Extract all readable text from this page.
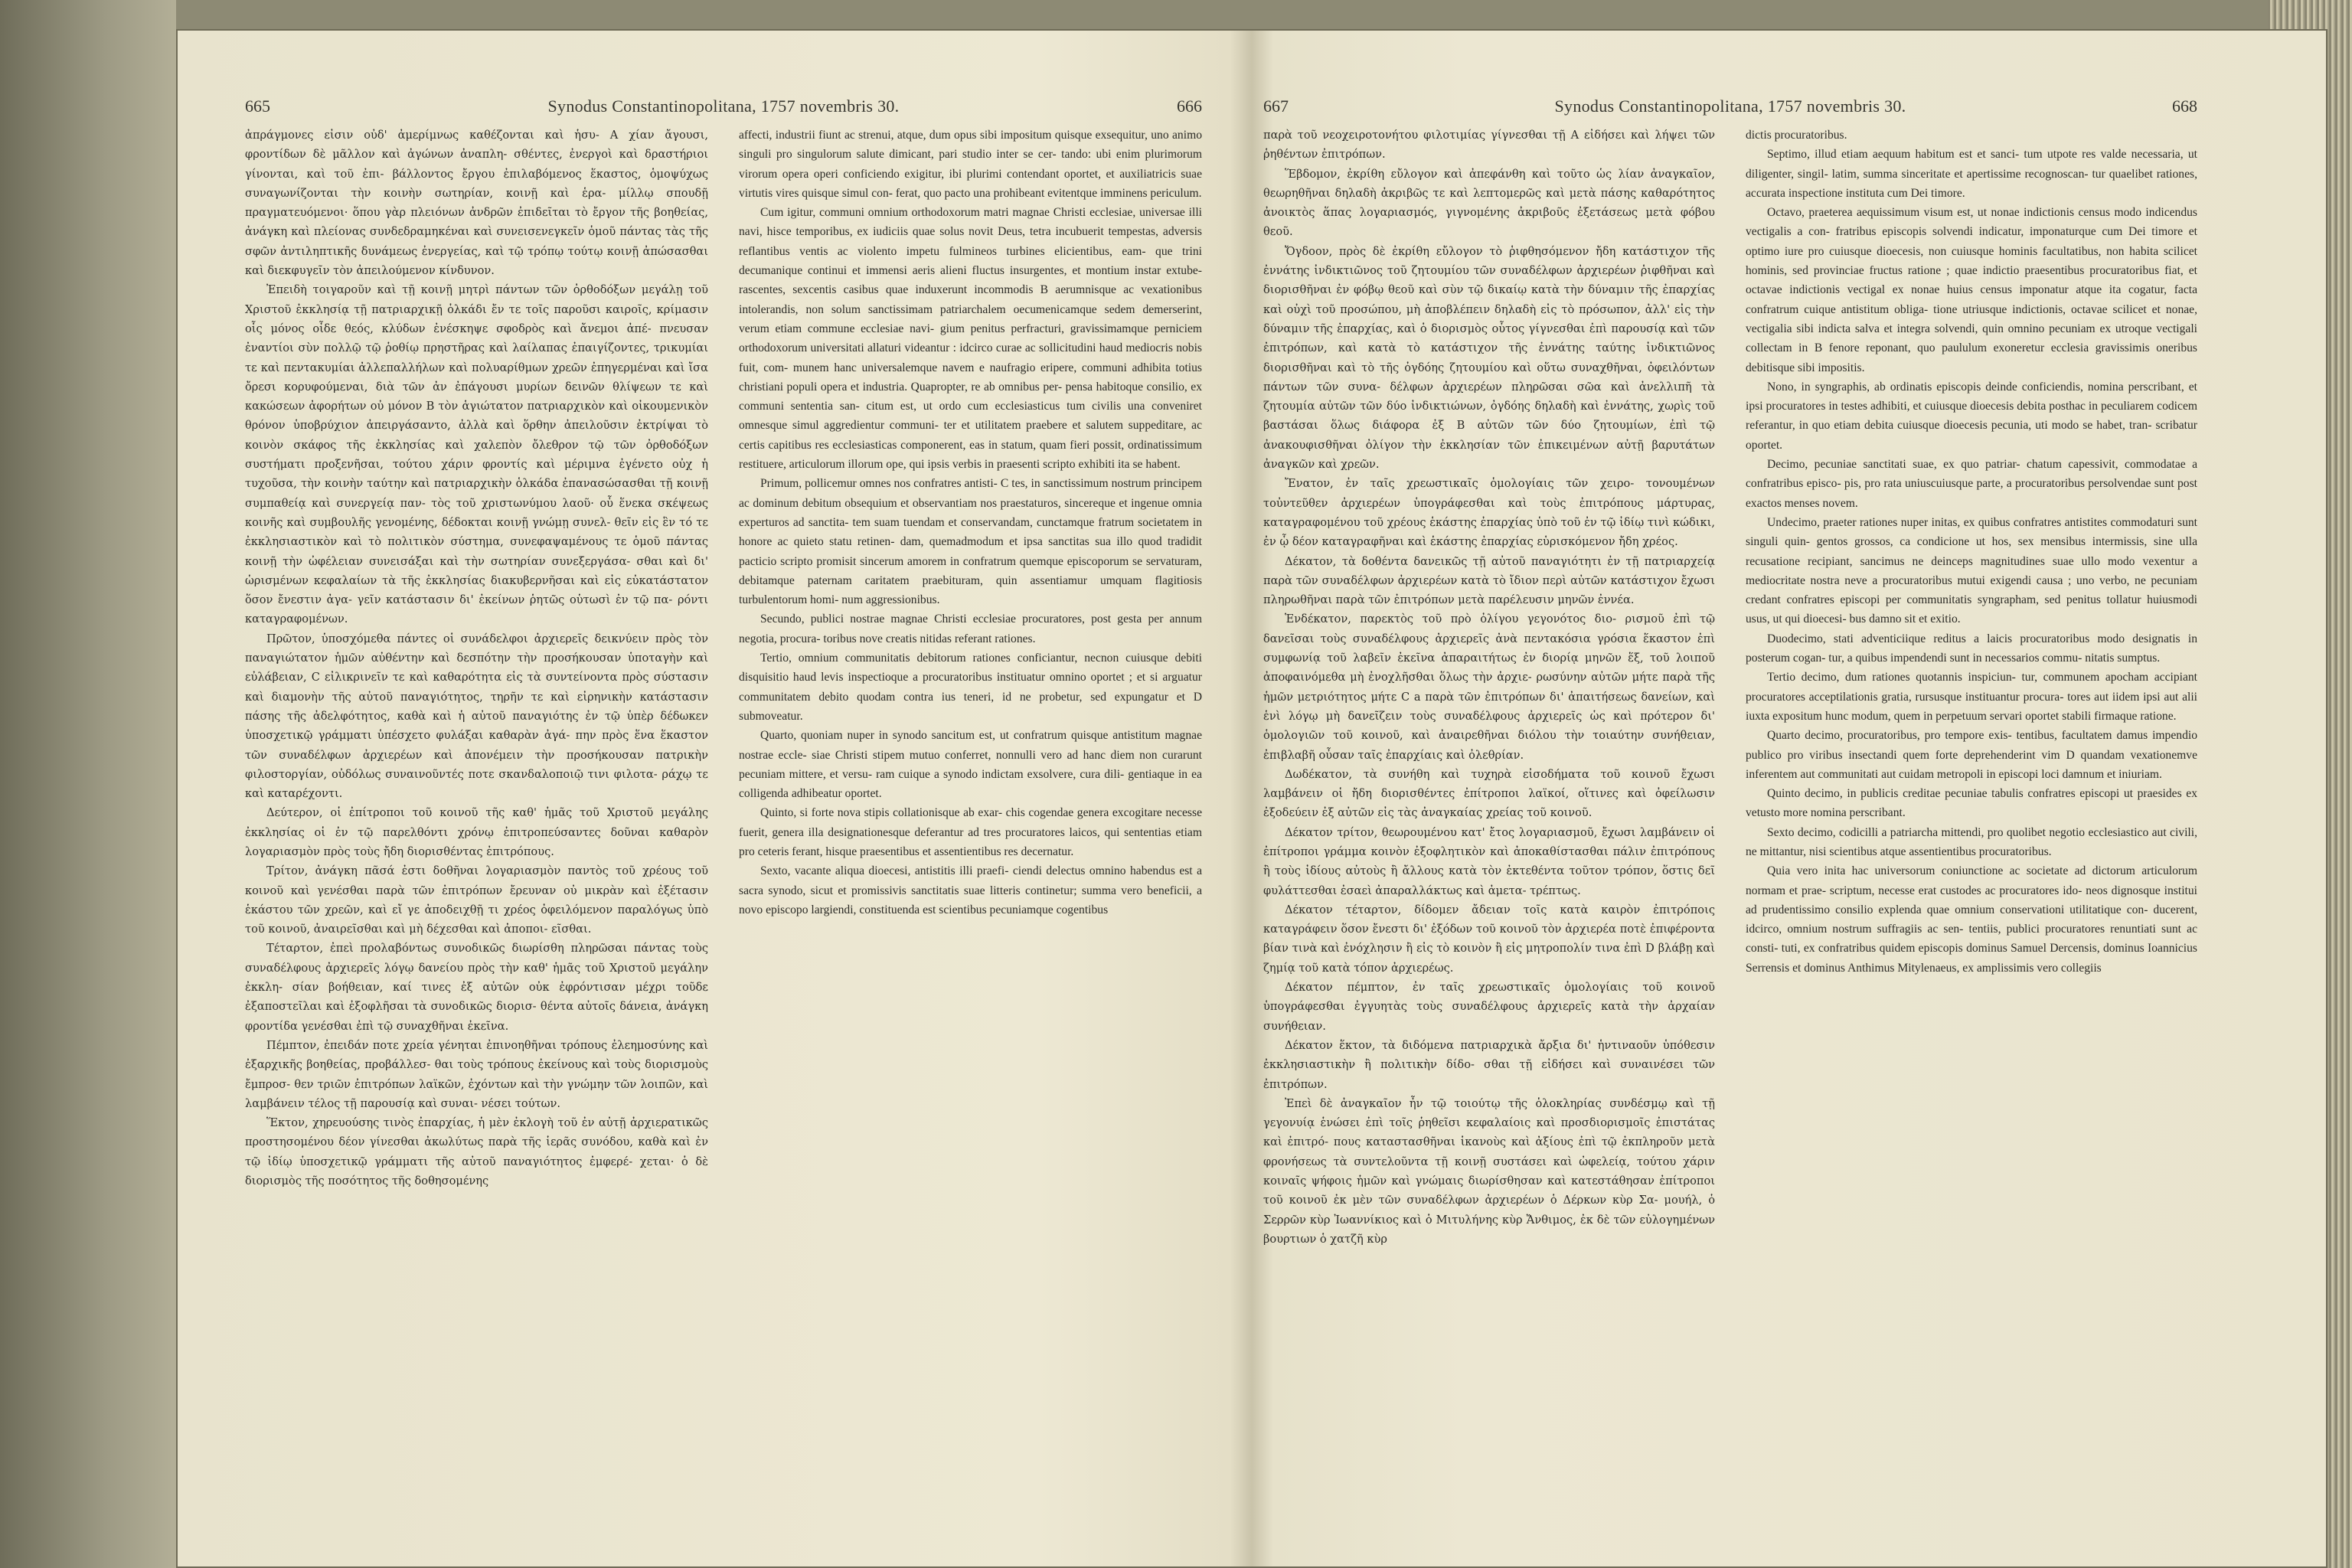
665	Synodus Constantinopolitana, 1757 novembris 30.	666

ἀπράγμονες εἰσιν οὐδ' ἀμερίμνως καθέζονται καὶ ἡσυ- A χίαν ἄγουσι, φροντίδων δὲ μᾶλλον καὶ ἀγώνων ἀναπλη- σθέντες, ἐνεργοὶ καὶ δραστήριοι γίνονται, καὶ τοῦ ἐπι- βάλλοντος ἔργου ἐπιλαβόμενος ἕκαστος, ὁμοψύχως συναγωνίζονται τὴν κοινὴν σωτηρίαν, κοινῇ καὶ ἑρα- μίλλῳ σπουδῇ πραγματευόμενοι· ὅπου γὰρ πλειόνων ἀνδρῶν ἐπιδεῖται τὸ ἔργον τῆς βοηθείας, ἀνάγκη καὶ πλείονας συνδεδραμηκέναι καὶ συνεισενεγκεῖν ὁμοῦ πάντας τὰς τῆς σφῶν ἀντιληπτικῆς δυνάμεως ἐνεργείας, καὶ τῷ τρόπῳ τούτῳ κοινῇ ἀπώσασθαι καὶ διεκφυγεῖν τὸν ἀπειλούμενον κίνδυνον.

Ἐπειδὴ τοιγαροῦν καὶ τῇ κοινῇ μητρὶ πάντων τῶν ὀρθοδόξων μεγάλῃ τοῦ Χριστοῦ ἐκκλησίᾳ τῇ πατριαρχικῇ ὁλκάδι ἔν τε τοῖς παροῦσι καιροῖς, κρίμασιν οἷς μόνος οἶδε θεός, κλύδων ἐνέσκηψε σφοδρὸς καὶ ἄνεμοι ἀπέ- πνευσαν ἐναντίοι σὺν πολλῷ τῷ ῥοθίῳ πρηστῆρας καὶ λαίλαπας ἐπαιγίζοντες, τρικυμίαι τε καὶ πεντακυμίαι ἀλλεπαλλήλων καὶ πολυαρίθμων χρεῶν ἐπηγερμέναι καὶ ἴσα ὄρεσι κορυφούμεναι, διὰ τῶν ἀν ἐπάγουσι μυρίων δεινῶν θλίψεων τε καὶ κακώσεων ἀφορήτων οὐ μόνον B τὸν ἁγιώτατον πατριαρχικὸν καὶ οἰκουμενικὸν θρόνον ὑποβρύχιον ἀπειργάσαντο, ἀλλὰ καὶ ὅρθην ἀπειλοῦσιν ἐκτρίψαι τὸ κοινὸν σκάφος τῆς ἐκκλησίας καὶ χαλεπὸν ὄλεθρον τῷ τῶν ὀρθοδόξων συστήματι προξενῆσαι, τούτου χάριν φροντίς καὶ μέριμνα ἐγένετο οὐχ ἡ τυχοῦσα, τὴν κοινὴν ταύτην καὶ πατριαρχικὴν ὁλκάδα ἐπανασώσασθαι τῇ κοινῇ συμπαθείᾳ καὶ συνεργείᾳ παν- τὸς τοῦ χριστωνύμου λαοῦ· οὗ ἕνεκα σκέψεως κοινῆς καὶ συμβουλῆς γενομένης, δέδοκται κοινῇ γνώμῃ συνελ- θεῖν εἰς ἓν τό τε ἐκκλησιαστικὸν καὶ τὸ πολιτικὸν σύστημα, συνεφαψαμένους τε ὁμοῦ πάντας κοινῇ τὴν ὠφέλειαν συνεισάξαι καὶ τὴν σωτηρίαν συνεξεργάσα- σθαι καὶ δι' ὡρισμένων κεφαλαίων τὰ τῆς ἐκκλησίας διακυβερνῆσαι καὶ εἰς εὐκατάστατον ὅσον ἔνεστιν ἀγα- γεῖν κατάστασιν δι' ἐκείνων ῥητῶς οὑτωσὶ ἐν τῷ πα- ρόντι καταγραφομένων.

Πρῶτον, ὑποσχόμεθα πάντες οἱ συνάδελφοι ἀρχιερεῖς δεικνύειν πρὸς τὸν παναγιώτατον ἡμῶν αὐθέντην καὶ δεσπότην τὴν προσήκουσαν ὑποταγὴν καὶ εὐλάβειαν, C εἰλικρινεῖν τε καὶ καθαρότητα εἰς τὰ συντείνοντα πρὸς σύστασιν καὶ διαμονὴν τῆς αὐτοῦ παναγιότητος, τηρῆν τε καὶ εἰρηνικὴν κατάστασιν πάσης τῆς ἀδελφότητος, καθὰ καὶ ἡ αὐτοῦ παναγιότης ἐν τῷ ὑπὲρ δέδωκεν ὑποσχετικῷ γράμματι ὑπέσχετο φυλάξαι καθαρὰν ἀγά- πην πρὸς ἕνα ἕκαστον τῶν συναδέλφων ἀρχιερέων καὶ ἀπονέμειν τὴν προσήκουσαν πατρικὴν φιλοστοργίαν, οὐδόλως συναινοῦντές ποτε σκανδαλοποιῷ τινι φιλοτα- ράχῳ τε καὶ καταρέχοντι.

Δεύτερον, οἱ ἐπίτροποι τοῦ κοινοῦ τῆς καθ' ἡμᾶς τοῦ Χριστοῦ μεγάλης ἐκκλησίας οἱ ἐν τῷ παρελθόντι χρόνῳ ἐπιτροπεύσαντες δοῦναι καθαρὸν λογαριασμὸν πρὸς τοὺς ἤδη διορισθέντας ἐπιτρόπους.

Τρίτον, ἀνάγκη πᾶσά ἐστι δοθῆναι λογαριασμὸν παντὸς τοῦ χρέους τοῦ κοινοῦ καὶ γενέσθαι παρὰ τῶν ἐπιτρόπων ἔρευναν οὐ μικρὰν καὶ ἐξέτασιν ἑκάστου τῶν χρεῶν, καὶ εἴ γε ἀποδειχθῇ τι χρέος ὀφειλόμενον παραλόγως ὑπὸ τοῦ κοινοῦ, ἀναιρεῖσθαι καὶ μὴ δέχεσθαι καὶ ἀποποι- εῖσθαι.

Τέταρτον, ἐπεὶ προλαβόντως συνοδικῶς διωρίσθη πληρῶσαι πάντας τοὺς συναδέλφους ἀρχιερεῖς λόγῳ δανείου πρὸς τὴν καθ' ἡμᾶς τοῦ Χριστοῦ μεγάλην ἐκκλη- σίαν βοήθειαν, καί τινες ἐξ αὐτῶν οὐκ ἐφρόντισαν μέχρι τοῦδε ἐξαποστεῖλαι καὶ ἐξοφλῆσαι τὰ συνοδικῶς διορισ- θέντα αὐτοῖς δάνεια, ἀνάγκη φροντίδα γενέσθαι ἐπὶ τῷ συναχθῆναι ἐκεῖνα.

Πέμπτον, ἐπειδάν ποτε χρεία γένηται ἐπινοηθῆναι τρόπους ἐλεημοσύνης καὶ ἐξαρχικῆς βοηθείας, προβάλλεσ- θαι τοὺς τρόπους ἐκείνους καὶ τοὺς διορισμοὺς ἔμπροσ- θεν τριῶν ἐπιτρόπων λαϊκῶν, ἐχόντων καὶ τὴν γνώμην τῶν λοιπῶν, καὶ λαμβάνειν τέλος τῇ παρουσίᾳ καὶ συναι- νέσει τούτων.

Ἕκτον, χηρευούσης τινὸς ἐπαρχίας, ἡ μὲν ἐκλογὴ τοῦ ἐν αὐτῇ ἀρχιερατικῶς προστησομένου δέον γίνεσθαι ἀκωλύτως παρὰ τῆς ἱερᾶς συνόδου, καθὰ καὶ ἐν τῷ ἰδίῳ ὑποσχετικῷ γράμματι τῆς αὐτοῦ παναγιότητος ἐμφερέ- χεται· ὁ δὲ διορισμὸς τῆς ποσότητος τῆς δοθησομένης

affecti, industrii fiunt ac strenui, atque, dum opus sibi impositum quisque exsequitur, uno animo singuli pro singulorum salute dimicant, pari studio inter se cer- tando: ubi enim plurimorum virorum opera operi conficiendo exigitur, ibi plurimi contendant oportet, et auxiliatricis suae virtutis vires quisque simul con- ferat, quo pacto una prohibeant evitentque imminens periculum.

Cum igitur, communi omnium orthodoxorum matri magnae Christi ecclesiae, universae illi navi, hisce temporibus, ex iudiciis quae solus novit Deus, tetra incubuerit tempestas, adversis reflantibus ventis ac violento impetu fulmineos turbines elicientibus, eam- que trini decumanique continui et immensi aeris alieni fluctus insurgentes, et montium instar extube- rascentes, sexcentis casibus quae induxerunt incommodis B aerumnisque ac vexationibus intolerandis, non solum sanctissimam patriarchalem oecumenicamque sedem demerserint, verum etiam commune ecclesiae navi- gium penitus perfracturi, gravissimamque perniciem orthodoxorum universitati allaturi videantur : idcirco curae ac sollicitudini haud mediocris nobis fuit, com- munem hanc universalemque navem e naufragio eripere, communi adhibita totius christiani populi opera et industria. Quapropter, re ab omnibus per- pensa habitoque consilio, ex communi sententia san- citum est, ut ordo cum ecclesiasticus tum civilis una conveniret omnesque simul aggredientur communi- ter et utilitatem praebere et salutem suppeditare, ac certis capitibus res ecclesiasticas componerent, eas in statum, quam fieri possit, ordinatissimum restituere, articulorum illorum ope, qui ipsis verbis in praesenti scripto exhibiti ita se habent.

Primum, pollicemur omnes nos confratres antisti- C tes, in sanctissimum nostrum principem ac dominum debitum obsequium et observantiam nos praestaturos, sincereque et ingenue omnia experturos ad sanctita- tem suam tuendam et conservandam, cunctamque fratrum societatem in honore ac quieto statu retinen- dam, quemadmodum et ipsa sanctitas sua illo quod tradidit pacticio scripto promisit sincerum amorem in confratrum quemque episcoporum se servaturam, debitamque paternam caritatem praebituram, quin assentiamur umquam flagitiosis turbulentorum homi- num aggressionibus.

Secundo, publici nostrae magnae Christi ecclesiae procuratores, post gesta per annum negotia, procura- toribus nove creatis nitidas referant rationes.

Tertio, omnium communitatis debitorum rationes conficiantur, necnon cuiusque debiti disquisitio haud levis inspectioque a procuratoribus instituatur omnino oportet ; et si arguatur communitatem debito quodam contra ius teneri, id ne probetur, sed expungatur et D submoveatur.

Quarto, quoniam nuper in synodo sancitum est, ut confratrum quisque antistitum magnae nostrae eccle- siae Christi stipem mutuo conferret, nonnulli vero ad hanc diem non curarunt pecuniam mittere, et versu- ram cuique a synodo indictam exsolvere, cura dili- gentiaque in ea colligenda adhibeatur oportet.

Quinto, si forte nova stipis collationisque ab exar- chis cogendae genera excogitare necesse fuerit, genera illa designationesque deferantur ad tres procuratores laicos, qui sententias etiam pro ceteris ferant, hisque praesentibus et assentientibus res decernatur.

Sexto, vacante aliqua dioecesi, antistitis illi praefi- ciendi delectus omnino habendus est a sacra synodo, sicut et promissivis sanctitatis suae litteris continetur; summa vero beneficii, a novo episcopo largiendi, constituenda est scientibus pecuniamque cogentibus

667	Synodus Constantinopolitana, 1757 novembris 30.	668

παρὰ τοῦ νεοχειροτονήτου φιλοτιμίας γίγνεσθαι τῇ A εἰδήσει καὶ λήψει τῶν ῥηθέντων ἐπιτρόπων.

Ἕβδομον, ἐκρίθη εὔλογον καὶ ἀπεφάνθη καὶ τοῦτο ὡς λίαν ἀναγκαῖον, θεωρηθῆναι δηλαδὴ ἀκριβῶς τε καὶ λεπτομερῶς καὶ μετὰ πάσης καθαρότητος ἀνοικτὸς ἅπας λογαριασμός, γιγνομένης ἀκριβοῦς ἐξετάσεως μετὰ φόβου θεοῦ.

Ὄγδοον, πρὸς δὲ ἐκρίθη εὔλογον τὸ ῥιφθησόμενον ἤδη κατάστιχον τῆς ἐννάτης ἰνδικτιῶνος τοῦ ζητουμίου τῶν συναδέλφων ἀρχιερέων ῥιφθῆναι καὶ διορισθῆναι ἐν φόβῳ θεοῦ καὶ σὺν τῷ δικαίῳ κατὰ τὴν δύναμιν τῆς ἐπαρχίας καὶ οὐχὶ τοῦ προσώπου, μὴ ἀποβλέπειν δηλαδὴ εἰς τὸ πρόσωπον, ἀλλ' εἰς τὴν δύναμιν τῆς ἐπαρχίας, καὶ ὁ διορισμὸς οὗτος γίγνεσθαι ἐπὶ παρουσίᾳ καὶ τῶν ἐπιτρόπων, καὶ κατὰ τὸ κατάστιχον τῆς ἐννάτης ταύτης ἰνδικτιῶνος διορισθῆναι καὶ τὸ τῆς ὀγδόης ζητουμίου καὶ οὕτω συναχθῆναι, ὀφειλόντων πάντων τῶν συνα- δέλφων ἀρχιερέων πληρῶσαι σῶα καὶ ἀνελλιπῆ τὰ ζητουμία αὐτῶν τῶν δύο ἰνδικτιώνων, ὀγδόης δηλαδὴ καὶ ἐννάτης, χωρὶς τοῦ βαστάσαι ὅλως διάφορα ἐξ B αὐτῶν τῶν δύο ζητουμίων, ἐπὶ τῷ ἀνακουφισθῆναι ὀλίγον τὴν ἐκκλησίαν τῶν ἐπικειμένων αὐτῇ βαρυτάτων ἀναγκῶν καὶ χρεῶν.

Ἔνατον, ἐν ταῖς χρεωστικαῖς ὁμολογίαις τῶν χειρο- τονουμένων τοὐντεῦθεν ἀρχιερέων ὑπογράφεσθαι καὶ τοὺς ἐπιτρόπους μάρτυρας, καταγραφομένου τοῦ χρέους ἑκάστης ἐπαρχίας ὑπὸ τοῦ ἐν τῷ ἰδίῳ τινὶ κώδικι, ἐν ᾧ δέον καταγραφῆναι καὶ ἑκάστης ἐπαρχίας εὑρισκόμενον ἤδη χρέος.

Δέκατον, τὰ δοθέντα δανεικῶς τῇ αὐτοῦ παναγιότητι ἐν τῇ πατριαρχείᾳ παρὰ τῶν συναδέλφων ἀρχιερέων κατὰ τὸ ἴδιον περὶ αὐτῶν κατάστιχον ἔχωσι πληρωθῆναι παρὰ τῶν ἐπιτρόπων μετὰ παρέλευσιν μηνῶν ἐννέα.

Ἑνδέκατον, παρεκτὸς τοῦ πρὸ ὀλίγου γεγονότος διο- ρισμοῦ ἐπὶ τῷ δανεῖσαι τοὺς συναδέλφους ἀρχιερεῖς ἀνὰ πεντακόσια γρόσια ἕκαστον ἐπὶ συμφωνίᾳ τοῦ λαβεῖν ἐκεῖνα ἀπαραιτήτως ἐν διορίᾳ μηνῶν ἕξ, τοῦ λοιποῦ ἀποφαινόμεθα μὴ ἐνοχλῆσθαι ὅλως τὴν ἀρχιε- ρωσύνην αὐτῶν μήτε παρὰ τῆς ἡμῶν μετριότητος μήτε C a παρὰ τῶν ἐπιτρόπων δι' ἀπαιτήσεως δανείων, καὶ ἑνὶ λόγῳ μὴ δανεῖζειν τοὺς συναδέλφους ἀρχιερεῖς ὡς καὶ πρότερον δι' ὁμολογιῶν τοῦ κοινοῦ, καὶ ἀναιρεθῆναι διόλου τὴν τοιαύτην συνήθειαν, ἐπιβλαβῆ οὖσαν ταῖς ἐπαρχίαις καὶ ὀλεθρίαν.

Δωδέκατον, τὰ συνήθη καὶ τυχηρὰ εἰσοδήματα τοῦ κοινοῦ ἔχωσι λαμβάνειν οἱ ἤδη διορισθέντες ἐπίτροποι λαϊκοί, οἵτινες καὶ ὀφείλωσιν ἐξοδεύειν ἐξ αὐτῶν εἰς τὰς ἀναγκαίας χρείας τοῦ κοινοῦ.

Δέκατον τρίτον, θεωρουμένου κατ' ἔτος λογαριασμοῦ, ἔχωσι λαμβάνειν οἱ ἐπίτροποι γράμμα κοινὸν ἐξοφλητικὸν καὶ ἀποκαθίστασθαι πάλιν ἐπιτρόπους ἢ τοὺς ἰδίους αὐτοὺς ἢ ἄλλους κατὰ τὸν ἐκτεθέντα τοῦτον τρόπον, ὅστις δεῖ φυλάττεσθαι ἐσαεὶ ἀπαραλλάκτως καὶ ἀμετα- τρέπτως.

Δέκατον τέταρτον, δίδομεν ἄδειαν τοῖς κατὰ καιρὸν ἐπιτρόποις καταγράφειν ὅσον ἔνεστι δι' ἐξόδων τοῦ κοινοῦ τὸν ἀρχιερέα ποτὲ ἐπιφέροντα βίαν τινὰ καὶ ἐνόχλησιν ἢ εἰς τὸ κοινὸν ἢ εἰς μητροπολίν τινα ἐπὶ D βλάβῃ καὶ ζημίᾳ τοῦ κατὰ τόπον ἀρχιερέως.

Δέκατον πέμπτον, ἐν ταῖς χρεωστικαῖς ὁμολογίαις τοῦ κοινοῦ ὑπογράφεσθαι ἐγγυητὰς τοὺς συναδέλφους ἀρχιερεῖς κατὰ τὴν ἀρχαίαν συνήθειαν.

Δέκατον ἕκτον, τὰ διδόμενα πατριαρχικὰ ἄρξια δι' ἡντιναοῦν ὑπόθεσιν ἐκκλησιαστικὴν ἢ πολιτικὴν δίδο- σθαι τῇ εἰδήσει καὶ συναινέσει τῶν ἐπιτρόπων.

Ἐπεὶ δὲ ἀναγκαῖον ἦν τῷ τοιούτῳ τῆς ὁλοκληρίας συνδέσμῳ καὶ τῇ γεγονυίᾳ ἑνώσει ἐπὶ τοῖς ῥηθεῖσι κεφαλαίοις καὶ προσδιορισμοῖς ἐπιστάτας καὶ ἐπιτρό- πους καταστασθῆναι ἱκανοὺς καὶ ἀξίους ἐπὶ τῷ ἐκπληροῦν μετὰ φρονήσεως τὰ συντελοῦντα τῇ κοινῇ συστάσει καὶ ὠφελείᾳ, τούτου χάριν κοιναῖς ψήφοις ἡμῶν καὶ γνώμαις διωρίσθησαν καὶ κατεστάθησαν ἐπίτροποι τοῦ κοινοῦ ἐκ μὲν τῶν συναδέλφων ἀρχιερέων ὁ Δέρκων κὺρ Σα- μουήλ, ὁ Σερρῶν κὺρ Ἰωαννίκιος καὶ ὁ Μιτυλήνης κὺρ Ἄνθιμος, ἐκ δὲ τῶν εὐλογημένων βουρτιων ὁ χατζῆ κὺρ

dictis procuratoribus.

Septimo, illud etiam aequum habitum est et sanci- tum utpote res valde necessaria, ut diligenter, singil- latim, summa sinceritate et apertissime recognoscan- tur quaelibet rationes, accurata inspectione instituta cum Dei timore.

Octavo, praeterea aequissimum visum est, ut nonae indictionis census modo indicendus vectigalis a con- fratribus episcopis solvendi indicatur, imponaturque cum Dei timore et optimo iure pro cuiusque dioecesis, non cuiusque hominis facultatibus, non habita scilicet hominis, sed provinciae fructus ratione ; quae indictio praesentibus procuratoribus fiat, et octavae indictionis vectigal ex nonae huius census imponatur atque ita cogatur, facta confratrum cuique antistitum obliga- tione utriusque indictionis, octavae scilicet et nonae, vectigalia sibi indicta salva et integra solvendi, quin omnino pecuniam ex utroque vectigali collectam in B fenore reponant, quo paululum exoneretur ecclesia gravissimis oneribus debitisque sibi impositis.

Nono, in syngraphis, ab ordinatis episcopis deinde conficiendis, nomina perscribant, et ipsi procuratores in testes adhibiti, et cuiusque dioecesis debita posthac in peculiarem codicem referantur, in quo etiam debita cuiusque dioecesis pecunia, uti modo se habet, tran- scribatur oportet.

Decimo, pecuniae sanctitati suae, ex quo patriar- chatum capessivit, commodatae a confratribus episco- pis, pro rata uniuscuiusque parte, a procuratoribus persolvendae sunt post exactos menses novem.

Undecimo, praeter rationes nuper initas, ex quibus confratres antistites commodaturi sunt singuli quin- gentos grossos, ca condicione ut hos, sex mensibus intermissis, sine ulla recusatione recipiant, sancimus ne deinceps magnitudines suae ullo modo vexentur a mediocritate nostra neve a procuratoribus mutui exigendi causa ; uno verbo, ne pecuniam credant confratres episcopi per communitatis syngrapham, sed penitus tollatur huiusmodi usus, ut qui dioecesi- bus damno sit et exitio.

Duodecimo, stati adventiciique reditus a laicis procuratoribus modo designatis in posterum cogan- tur, a quibus impendendi sunt in necessarios commu- nitatis sumptus.

Tertio decimo, dum rationes quotannis inspiciun- tur, communem apocham accipiant procuratores acceptilationis gratia, rursusque instituantur procura- tores aut iidem ipsi aut alii iuxta expositum hunc modum, quem in perpetuum servari oportet stabili firmaque ratione.

Quarto decimo, procuratoribus, pro tempore exis- tentibus, facultatem damus impendio publico pro viribus insectandi quem forte deprehenderint vim D quandam vexationemve inferentem aut communitati aut cuidam metropoli in episcopi loci damnum et iniuriam.

Quinto decimo, in publicis creditae pecuniae tabulis confratres episcopi ut praesides ex vetusto more nomina perscribant.

Sexto decimo, codicilli a patriarcha mittendi, pro quolibet negotio ecclesiastico aut civili, ne mittantur, nisi scientibus atque assentientibus procuratoribus.

Quia vero inita hac universorum coniunctione ac societate ad dictorum articulorum normam et prae- scriptum, necesse erat custodes ac procuratores ido- neos dignosque institui ad prudentissimo consilio explenda quae omnium conservationi utilitatique con- ducerent, idcirco, omnium nostrum suffragiis ac sen- tentiis, publici procuratores renuntiati sunt ac consti- tuti, ex confratribus quidem episcopis dominus Samuel Dercensis, dominus Ioannicius Serrensis et dominus Anthimus Mitylenaeus, ex amplissimis vero collegiis
